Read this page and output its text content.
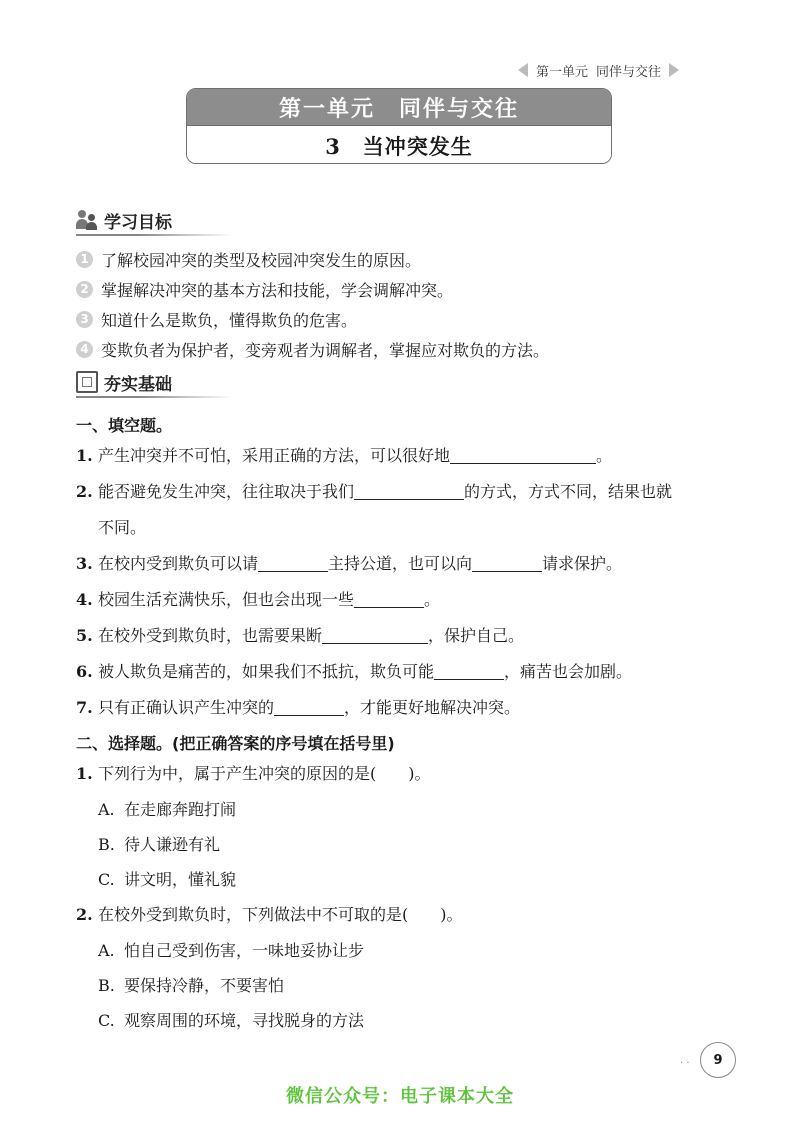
第一单元 同伴与交往
第一单元　同伴与交往
3　当冲突发生
学习目标
1 了解校园冲突的类型及校园冲突发生的原因。
2 掌握解决冲突的基本方法和技能，学会调解冲突。
3 知道什么是欺负，懂得欺负的危害。
4 变欺负者为保护者，变旁观者为调解者，掌握应对欺负的方法。
夯实基础
一、填空题。
1. 产生冲突并不可怕，采用正确的方法，可以很好地	。
2. 能否避免发生冲突，往往取决于我们	的方式，方式不同，结果也就
不同。
3. 在校内受到欺负可以请	主持公道，也可以向	请求保护。
4. 校园生活充满快乐，但也会出现一些	。
5. 在校外受到欺负时，也需要果断	，保护自己。
6. 被人欺负是痛苦的，如果我们不抵抗，欺负可能	，痛苦也会加剧。
7. 只有正确认识产生冲突的	，才能更好地解决冲突。
二、选择题。(把正确答案的序号填在括号里)
1. 下列行为中，属于产生冲突的原因的是(　　)。
A. 在走廊奔跑打闹
B. 待人谦逊有礼
C. 讲文明，懂礼貌
2. 在校外受到欺负时，下列做法中不可取的是(　　)。
A. 怕自己受到伤害，一味地妥协让步
B. 要保持冷静，不要害怕
C. 观察周围的环境，寻找脱身的方法
· ·	9
微信公众号：电子课本大全
